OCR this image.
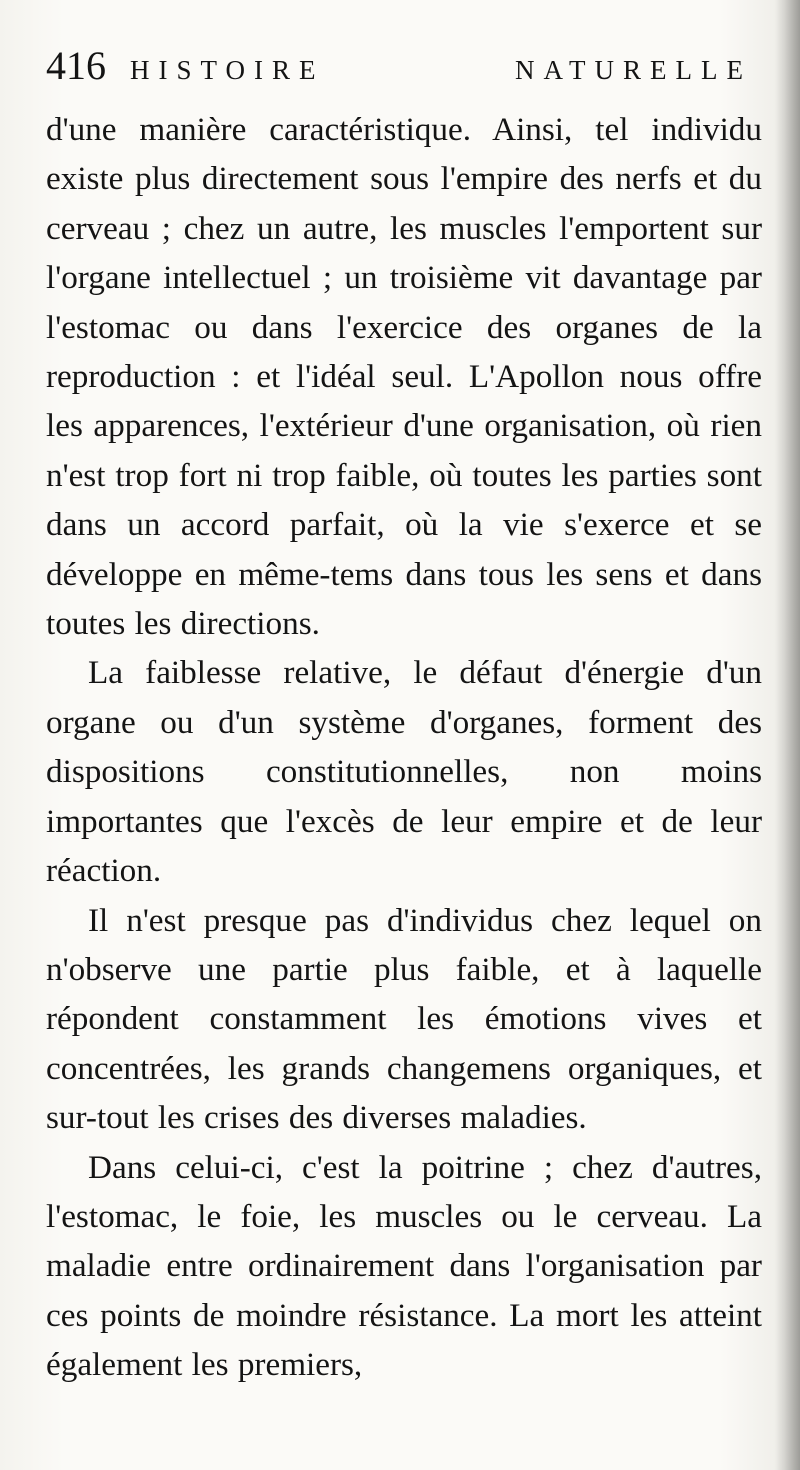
416 HISTOIRE NATURELLE

d'une manière caractéristique. Ainsi, tel individu existe plus directement sous l'empire des nerfs et du cerveau ; chez un autre, les muscles l'emportent sur l'organe intellectuel ; un troisième vit davantage par l'estomac ou dans l'exercice des organes de la reproduction : et l'idéal seul. L'Apollon nous offre les apparences, l'extérieur d'une organisation, où rien n'est trop fort ni trop faible, où toutes les parties sont dans un accord parfait, où la vie s'exerce et se développe en même-tems dans tous les sens et dans toutes les directions.

La faiblesse relative, le défaut d'énergie d'un organe ou d'un système d'organes, forment des dispositions constitutionnelles, non moins importantes que l'excès de leur empire et de leur réaction.

Il n'est presque pas d'individus chez lequel on n'observe une partie plus faible, et à laquelle répondent constamment les émotions vives et concentrées, les grands changemens organiques, et sur-tout les crises des diverses maladies.

Dans celui-ci, c'est la poitrine ; chez d'autres, l'estomac, le foie, les muscles ou le cerveau. La maladie entre ordinairement dans l'organisation par ces points de moindre résistance. La mort les atteint également les premiers,
